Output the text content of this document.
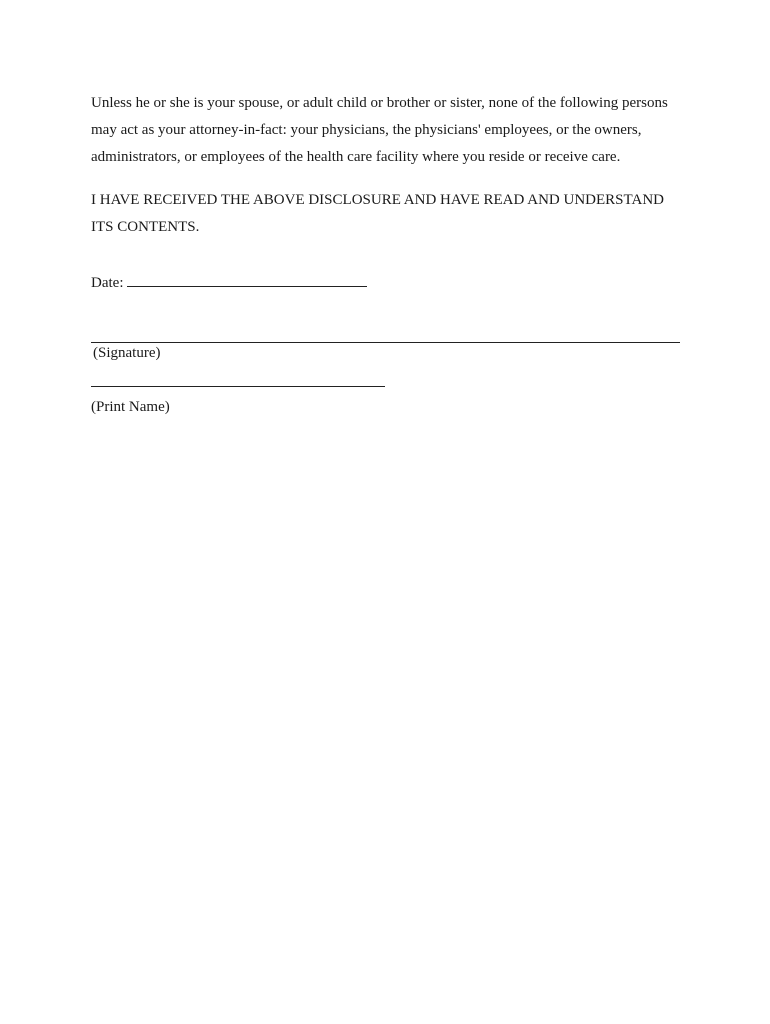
Unless he or she is your spouse, or adult child or brother or sister, none of the following persons
may act as your attorney-in-fact: your physicians, the physicians' employees, or the owners,
administrators, or employees of the health care facility where you reside or receive care.

I HAVE RECEIVED THE ABOVE DISCLOSURE AND HAVE READ AND UNDERSTAND
ITS CONTENTS.

Date:
(Signature)
(Print Name)
